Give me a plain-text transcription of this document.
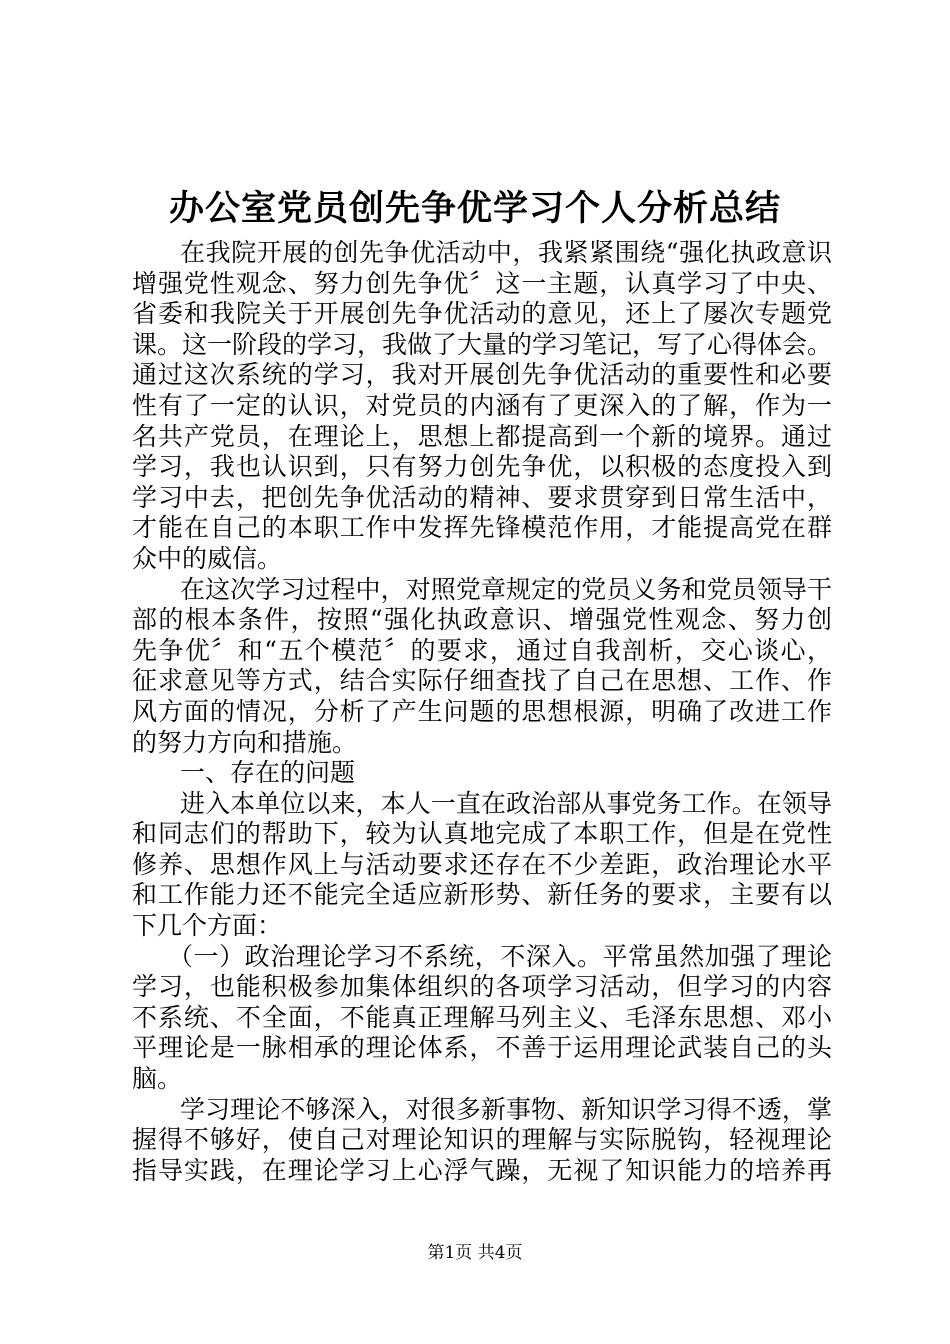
办公室党员创先争优学习个人分析总结
在我院开展的创先争优活动中，我紧紧围绕“强化执政意识
增强党性观念、努力创先争优〞这一主题，认真学习了中央、
省委和我院关于开展创先争优活动的意见，还上了屡次专题党
课。这一阶段的学习，我做了大量的学习笔记，写了心得体会。
通过这次系统的学习，我对开展创先争优活动的重要性和必要
性有了一定的认识，对党员的内涵有了更深入的了解，作为一
名共产党员，在理论上，思想上都提高到一个新的境界。通过
学习，我也认识到，只有努力创先争优，以积极的态度投入到
学习中去，把创先争优活动的精神、要求贯穿到日常生活中，
才能在自己的本职工作中发挥先锋模范作用，才能提高党在群
众中的威信。
在这次学习过程中，对照党章规定的党员义务和党员领导干
部的根本条件，按照“强化执政意识、增强党性观念、努力创
先争优〞和“五个模范〞的要求，通过自我剖析，交心谈心，
征求意见等方式，结合实际仔细查找了自己在思想、工作、作
风方面的情况，分析了产生问题的思想根源，明确了改进工作
的努力方向和措施。
一、存在的问题
进入本单位以来，本人一直在政治部从事党务工作。在领导
和同志们的帮助下，较为认真地完成了本职工作，但是在党性
修养、思想作风上与活动要求还存在不少差距，政治理论水平
和工作能力还不能完全适应新形势、新任务的要求，主要有以
下几个方面：
（一）政治理论学习不系统，不深入。平常虽然加强了理论
学习，也能积极参加集体组织的各项学习活动，但学习的内容
不系统、不全面，不能真正理解马列主义、毛泽东思想、邓小
平理论是一脉相承的理论体系，不善于运用理论武装自己的头
脑。
学习理论不够深入，对很多新事物、新知识学习得不透，掌
握得不够好，使自己对理论知识的理解与实际脱钩，轻视理论
指导实践，在理论学习上心浮气躁，无视了知识能力的培养再
第1页 共4页
